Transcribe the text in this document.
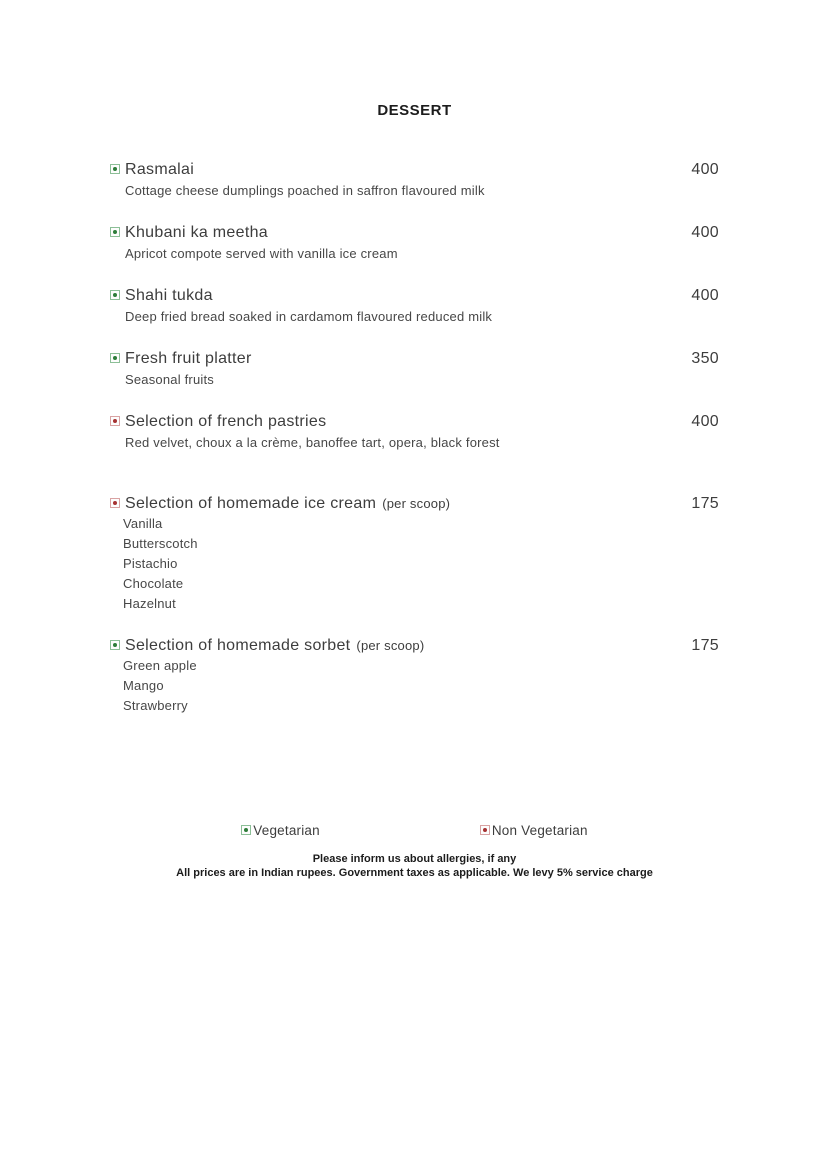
DESSERT
Rasmalai	400
Cottage cheese dumplings poached in saffron flavoured milk
Khubani ka meetha	400
Apricot compote served with vanilla ice cream
Shahi tukda	400
Deep fried bread soaked in cardamom flavoured reduced milk
Fresh fruit platter	350
Seasonal fruits
Selection of french pastries	400
Red velvet, choux a la crème, banoffee tart, opera, black forest
Selection of homemade ice cream (per scoop)	175
Vanilla
Butterscotch
Pistachio
Chocolate
Hazelnut
Selection of homemade sorbet (per scoop)	175
Green apple
Mango
Strawberry
Vegetarian	Non Vegetarian
Please inform us about allergies, if any
All prices are in Indian rupees. Government taxes as applicable. We levy 5% service charge
